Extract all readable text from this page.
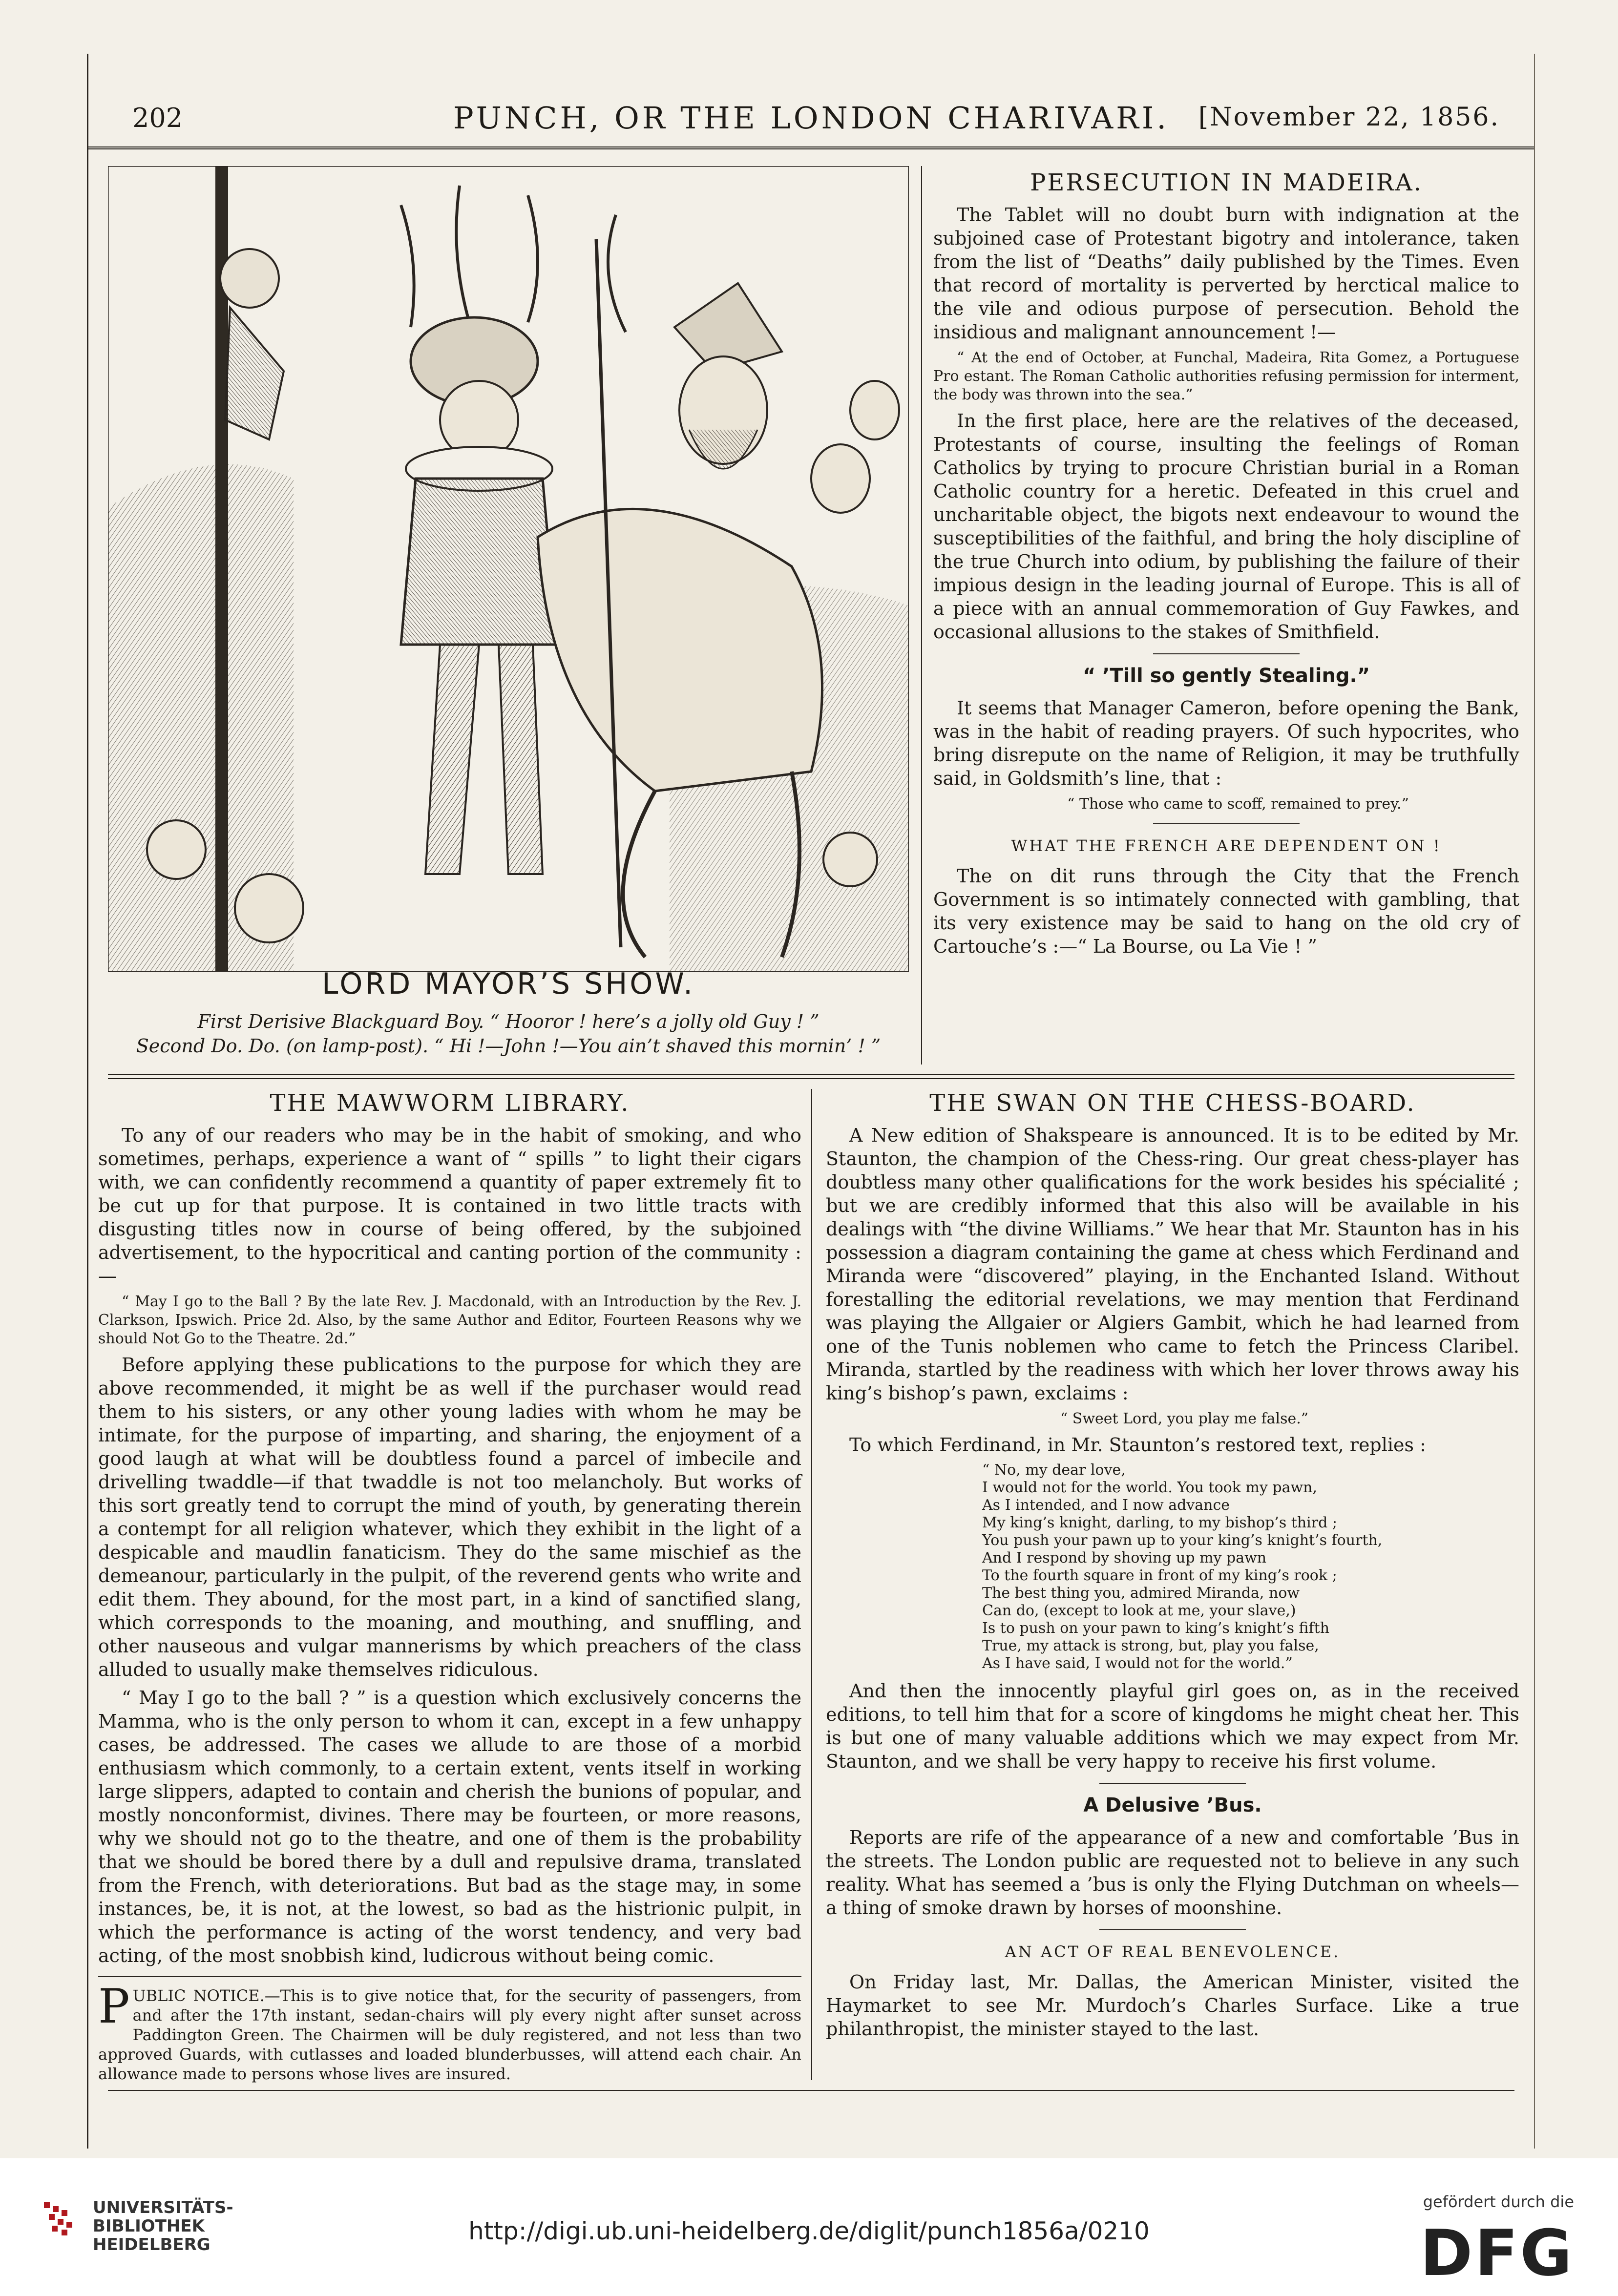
202	PUNCH, OR THE LONDON CHARIVARI.	[November 22, 1856.
LORD MAYOR’S SHOW.
First Derisive Blackguard Boy. “ Hooror ! here’s a jolly old Guy ! ”
Second Do. Do. (on lamp-post). “ Hi !—John !—You ain’t shaved this mornin’ ! ”
PERSECUTION IN MADEIRA.

The Tablet will no doubt burn with indignation at the subjoined case of Protestant bigotry and intolerance, taken from the list of “Deaths” daily published by the Times. Even that record of mortality is perverted by herctical malice to the vile and odious purpose of persecution. Behold the insidious and malignant announcement !—

“ At the end of October, at Funchal, Madeira, Rita Gomez, a Portuguese Pro estant. The Roman Catholic authorities refusing permission for interment, the body was thrown into the sea.”

In the first place, here are the relatives of the deceased, Protestants of course, insulting the feelings of Roman Catholics by trying to procure Christian burial in a Roman Catholic country for a heretic. Defeated in this cruel and uncharitable object, the bigots next endeavour to wound the susceptibilities of the faithful, and bring the holy discipline of the true Church into odium, by publishing the failure of their impious design in the leading journal of Europe. This is all of a piece with an annual commemoration of Guy Fawkes, and occasional allusions to the stakes of Smithfield.

“ ’Till so gently Stealing.”

It seems that Manager Cameron, before opening the Bank, was in the habit of reading prayers. Of such hypocrites, who bring disrepute on the name of Religion, it may be truthfully said, in Goldsmith’s line, that :

“ Those who came to scoff, remained to prey.”

WHAT THE FRENCH ARE DEPENDENT ON !

The on dit runs through the City that the French Government is so intimately connected with gambling, that its very existence may be said to hang on the old cry of Cartouche’s :—“ La Bourse, ou La Vie ! ”

THE MAWWORM LIBRARY.

To any of our readers who may be in the habit of smoking, and who sometimes, perhaps, experience a want of “ spills ” to light their cigars with, we can confidently recommend a quantity of paper extremely fit to be cut up for that purpose. It is contained in two little tracts with disgusting titles now in course of being offered, by the subjoined advertisement, to the hypocritical and canting portion of the community :—

“ May I go to the Ball ? By the late Rev. J. Macdonald, with an Introduction by the Rev. J. Clarkson, Ipswich. Price 2d. Also, by the same Author and Editor, Fourteen Reasons why we should Not Go to the Theatre. 2d.”

Before applying these publications to the purpose for which they are above recommended, it might be as well if the purchaser would read them to his sisters, or any other young ladies with whom he may be intimate, for the purpose of imparting, and sharing, the enjoyment of a good laugh at what will be doubtless found a parcel of imbecile and drivelling twaddle—if that twaddle is not too melancholy. But works of this sort greatly tend to corrupt the mind of youth, by generating therein a contempt for all religion whatever, which they exhibit in the light of a despicable and maudlin fanaticism. They do the same mischief as the demeanour, particularly in the pulpit, of the reverend gents who write and edit them. They abound, for the most part, in a kind of sanctified slang, which corresponds to the moaning, and mouthing, and snuffling, and other nauseous and vulgar mannerisms by which preachers of the class alluded to usually make themselves ridiculous.

“ May I go to the ball ? ” is a question which exclusively concerns the Mamma, who is the only person to whom it can, except in a few unhappy cases, be addressed. The cases we allude to are those of a morbid enthusiasm which commonly, to a certain extent, vents itself in working large slippers, adapted to contain and cherish the bunions of popular, and mostly nonconformist, divines. There may be fourteen, or more reasons, why we should not go to the theatre, and one of them is the probability that we should be bored there by a dull and repulsive drama, translated from the French, with deteriorations. But bad as the stage may, in some instances, be, it is not, at the lowest, so bad as the histrionic pulpit, in which the performance is acting of the worst tendency, and very bad acting, of the most snobbish kind, ludicrous without being comic.

PUBLIC NOTICE.—This is to give notice that, for the security of passengers, from and after the 17th instant, sedan-chairs will ply every night after sunset across Paddington Green. The Chairmen will be duly registered, and not less than two approved Guards, with cutlasses and loaded blunderbusses, will attend each chair. An allowance made to persons whose lives are insured.
THE SWAN ON THE CHESS-BOARD.

A New edition of Shakspeare is announced. It is to be edited by Mr. Staunton, the champion of the Chess-ring. Our great chess-player has doubtless many other qualifications for the work besides his spécialité ; but we are credibly informed that this also will be available in his dealings with “the divine Williams.” We hear that Mr. Staunton has in his possession a diagram containing the game at chess which Ferdinand and Miranda were “discovered” playing, in the Enchanted Island. Without forestalling the editorial revelations, we may mention that Ferdinand was playing the Allgaier or Algiers Gambit, which he had learned from one of the Tunis noblemen who came to fetch the Princess Claribel. Miranda, startled by the readiness with which her lover throws away his king’s bishop’s pawn, exclaims :

“ Sweet Lord, you play me false.”

To which Ferdinand, in Mr. Staunton’s restored text, replies :

“ No, my dear love,
I would not for the world. You took my pawn,
As I intended, and I now advance
My king’s knight, darling, to my bishop’s third ;
You push your pawn up to your king’s knight’s fourth,
And I respond by shoving up my pawn
To the fourth square in front of my king’s rook ;
The best thing you, admired Miranda, now
Can do, (except to look at me, your slave,)
Is to push on your pawn to king’s knight’s fifth
True, my attack is strong, but, play you false,
As I have said, I would not for the world.”

And then the innocently playful girl goes on, as in the received editions, to tell him that for a score of kingdoms he might cheat her. This is but one of many valuable additions which we may expect from Mr. Staunton, and we shall be very happy to receive his first volume.

A Delusive ’Bus.

Reports are rife of the appearance of a new and comfortable ’Bus in the streets. The London public are requested not to believe in any such reality. What has seemed a ’bus is only the Flying Dutchman on wheels—a thing of smoke drawn by horses of moonshine.

AN ACT OF REAL BENEVOLENCE.

On Friday last, Mr. Dallas, the American Minister, visited the Haymarket to see Mr. Murdoch’s Charles Surface. Like a true philanthropist, the minister stayed to the last.

UNIVERSITÄTS-
BIBLIOTHEK
HEIDELBERG	http://digi.ub.uni-heidelberg.de/diglit/punch1856a/0210
gefördert durch die
DFG
